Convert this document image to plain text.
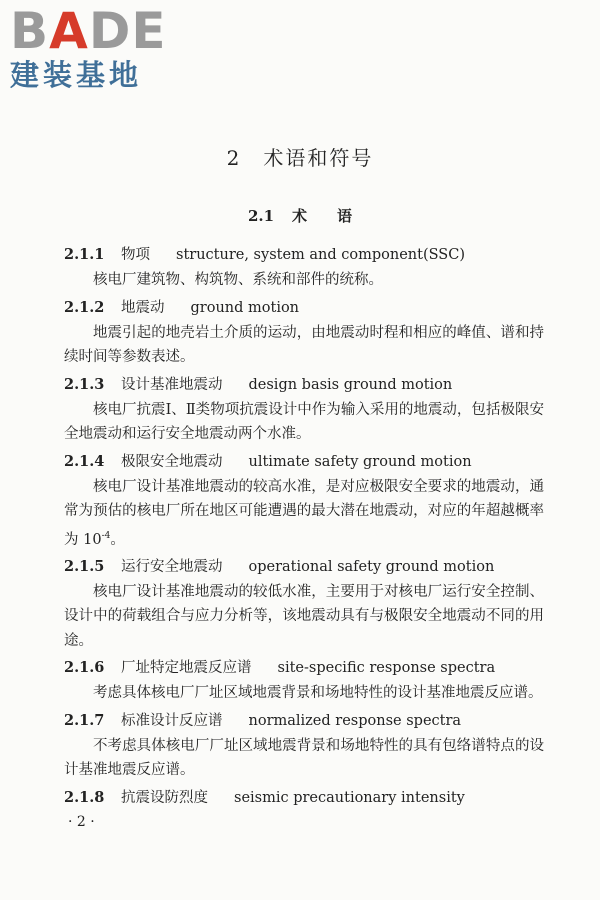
BADE
建装基地
2　术语和符号
2.1 术　　语
2.1.1 物项 structure, system and component(SSC)
核电厂建筑物、构筑物、系统和部件的统称。
2.1.2 地震动 ground motion
地震引起的地壳岩土介质的运动，由地震动时程和相应的峰值、谱和持续时间等参数表述。
2.1.3 设计基准地震动 design basis ground motion
核电厂抗震Ⅰ、Ⅱ类物项抗震设计中作为输入采用的地震动，包括极限安全地震动和运行安全地震动两个水准。
2.1.4 极限安全地震动 ultimate safety ground motion
核电厂设计基准地震动的较高水准，是对应极限安全要求的地震动，通常为预估的核电厂所在地区可能遭遇的最大潜在地震动，对应的年超越概率为 $10^{-4}$。
2.1.5 运行安全地震动 operational safety ground motion
核电厂设计基准地震动的较低水准，主要用于对核电厂运行安全控制、设计中的荷载组合与应力分析等，该地震动具有与极限安全地震动不同的用途。
2.1.6 厂址特定地震反应谱 site-specific response spectra
考虑具体核电厂厂址区域地震背景和场地特性的设计基准地震反应谱。
2.1.7 标准设计反应谱 normalized response spectra
不考虑具体核电厂厂址区域地震背景和场地特性的具有包络谱特点的设计基准地震反应谱。
2.1.8 抗震设防烈度 seismic precautionary intensity
· 2 ·
